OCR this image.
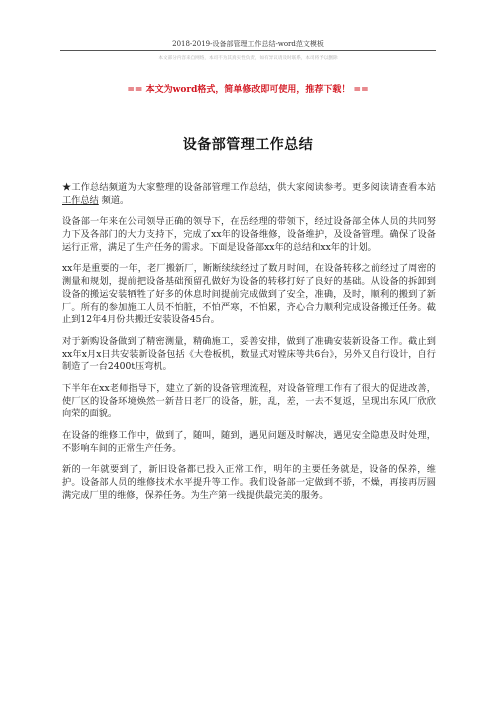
2018-2019-设备部管理工作总结-word范文模板
本文部分内容来自网络，本司不为其真实性负责，如有异议请及时联系，本司将予以删除
== 本文为word格式，简单修改即可使用，推荐下载！ ==
设备部管理工作总结

★工作总结频道为大家整理的设备部管理工作总结，供大家阅读参考。更多阅读请查看本站 工作总结 频道。

设备部一年来在公司领导正确的领导下，在岳经理的带领下，经过设备部全体人员的共同努力下及各部门的大力支持下，完成了xx年的设备维修，设备维护，及设备管理。确保了设备运行正常，满足了生产任务的需求。下面是设备部xx年的总结和xx年的计划。

xx年是重要的一年，老厂搬新厂，断断续续经过了数月时间，在设备转移之前经过了周密的测量和规划，提前把设备基础预留孔做好为设备的转移打好了良好的基础。从设备的拆卸到设备的搬运安装牺牲了好多的休息时间提前完成做到了安全，准确，及时，顺利的搬到了新厂。所有的参加施工人员不怕脏，不怕严寒，不怕累，齐心合力顺利完成设备搬迁任务。截止到12年4月份共搬迁安装设备45台。

对于新购设备做到了精密测量，精确施工，妥善安排，做到了准确安装新设备工作。截止到xx年x月x日共安装新设备包括《大卷板机，数显式对镗床等共6台》，另外又自行设计，自行制造了一台2400t压弯机。

下半年在xx老师指导下，建立了新的设备管理流程，对设备管理工作有了很大的促进改善，使厂区的设备环境焕然一新昔日老厂的设备，脏，乱，差，一去不复返，呈现出东风厂欣欣向荣的面貌。

在设备的维修工作中，做到了，随叫，随到，遇见问题及时解决，遇见安全隐患及时处理，不影响车间的正常生产任务。

新的一年就要到了，新旧设备都已投入正常工作，明年的主要任务就是，设备的保养，维护。设备部人员的维修技术水平提升等工作。我们设备部一定做到不骄，不燥，再接再厉圆满完成厂里的维修，保养任务。为生产第一线提供最完美的服务。
